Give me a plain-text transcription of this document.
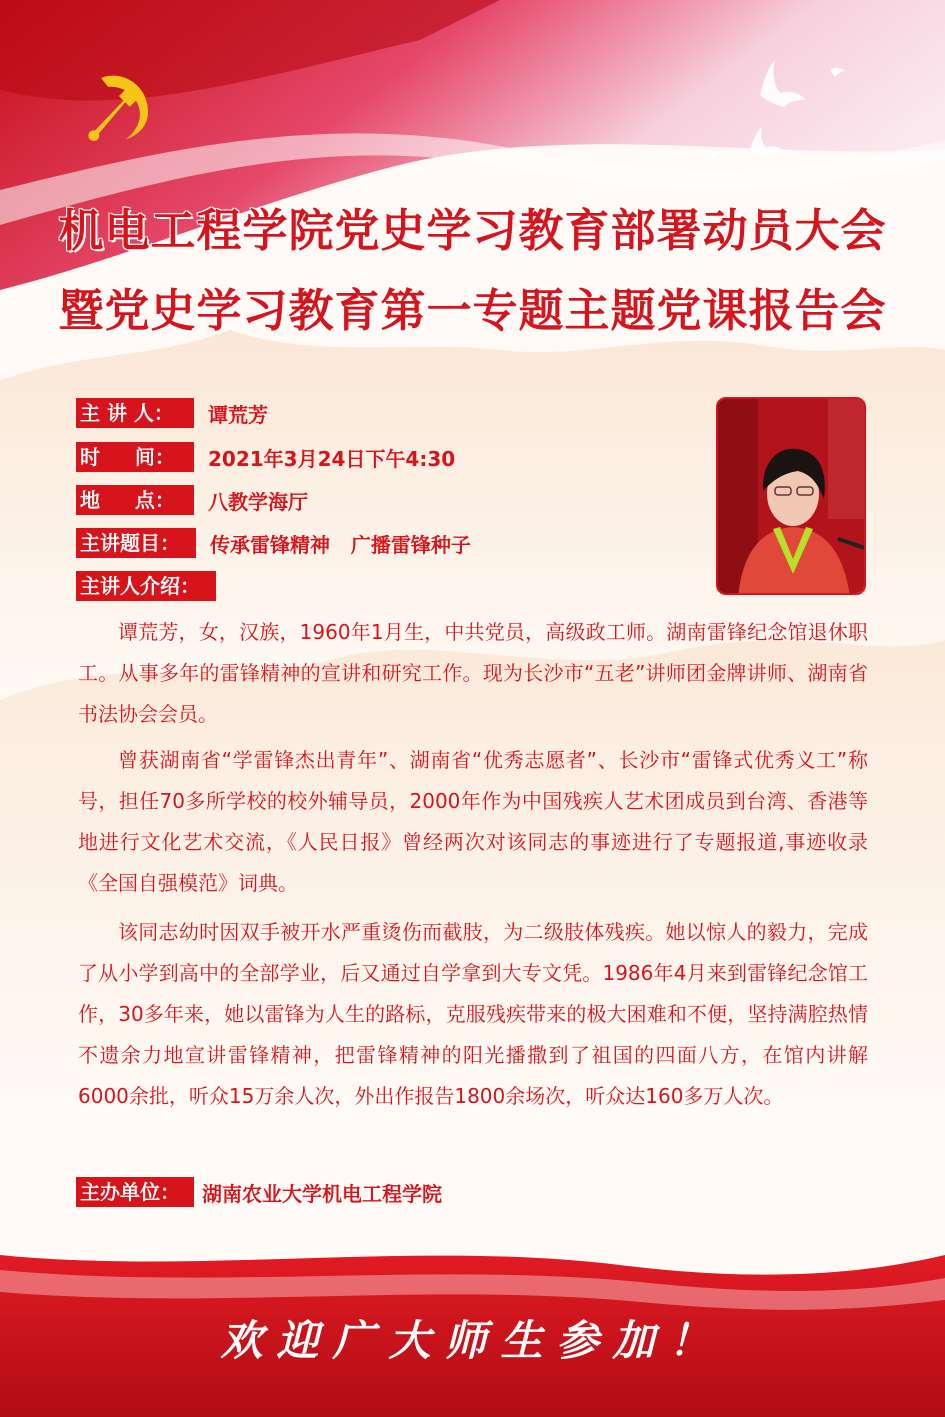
机电工程学院党史学习教育部署动员大会
暨党史学习教育第一专题主题党课报告会
主 讲 人：	谭荒芳
时     间：	2021年3月24日下午4:30
地     点：	八教学海厅
主讲题目：	传承雷锋精神   广播雷锋种子
主讲人介绍：

谭荒芳，女，汉族，1960年1月生，中共党员，高级政工师。湖南雷锋纪念馆退休职工。从事多年的雷锋精神的宣讲和研究工作。现为长沙市“五老”讲师团金牌讲师、湖南省书法协会会员。

曾获湖南省“学雷锋杰出青年”、湖南省“优秀志愿者”、长沙市“雷锋式优秀义工”称号，担任70多所学校的校外辅导员，2000年作为中国残疾人艺术团成员到台湾、香港等地进行文化艺术交流，《人民日报》曾经两次对该同志的事迹进行了专题报道,事迹收录《全国自强模范》词典。

该同志幼时因双手被开水严重烫伤而截肢，为二级肢体残疾。她以惊人的毅力，完成了从小学到高中的全部学业，后又通过自学拿到大专文凭。1986年4月来到雷锋纪念馆工作，30多年来，她以雷锋为人生的路标，克服残疾带来的极大困难和不便，坚持满腔热情不遗余力地宣讲雷锋精神，把雷锋精神的阳光播撒到了祖国的四面八方，在馆内讲解6000余批，听众15万余人次，外出作报告1800余场次，听众达160多万人次。

主办单位：	湖南农业大学机电工程学院
欢迎广大师生参加！
